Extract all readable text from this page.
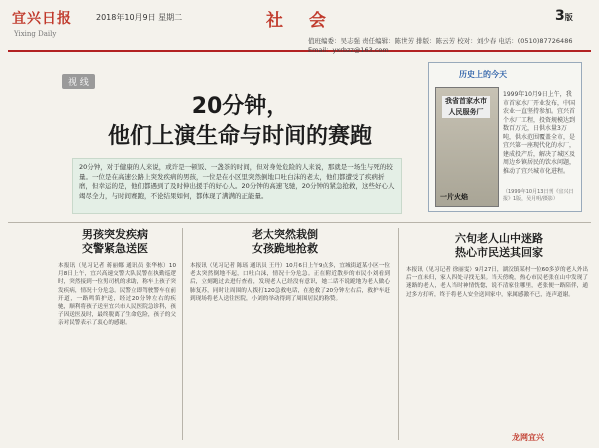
宜兴日报
Yixing Daily
2018年10月9日 星期二	社 会	3版
值班编委：吴志强 责任编辑：陈世芳 排版：陈云芳 校对：刘少春 电话：(0510)87726486 Email：yxrbzz@163.com
视 线
20分钟，
他们上演生命与时间的赛跑
20分钟，对于健康的人来说，或许是一顿饭、一盏茶的时间，但对身处危险的人来说，那就是一场生与死的较量。一位是在高速公路上突发疾病的男孩，一位是在小区里突然倒地口吐白沫的老太，他们都遭受了疾病折磨，但幸运的是，他们都遇到了及时伸出援手的好心人。20分钟的高速飞驰，20分钟的紧急抢救，这些好心人竭尽全力，与时间赛跑，不论结果如何，都体现了满满的正能量。
历史上的今天
我省首家水市人民服务厂
一片火焰
1999年10月9日上午，我市首家水厂开业发布，中国农业一直坚持参加。宜兴首个水厂工程，投资规模达到数百万元，日供水量3万吨，供水范围覆盖全市，是宜兴第一座现代化的水厂，建成投产后，解决了城区及周边乡镇居民的饮水问题，推动了宜兴城市化进程。
（1999年10月13日刊《宜兴日报》1版，吴月明/摄影）
男孩突发疾病
交警紧急送医
本报讯（见习记者 蒋丽娜 通讯员 张华栋）10月8日上午，宜兴高速交警大队民警在执勤巡逻时，突然接到一位男司机的求助，称车上孩子突发疾病，情况十分危急。民警立即驾驶警车在前开道，一路鸣笛护送，经过20分钟左右的疾驰，顺利将孩子送至宜兴市人民医院急诊科，孩子因送医及时，最终脱离了生命危险，孩子的父亲对民警表示了衷心的感谢。
老太突然栽倒
女孩跪地抢救
本报讯（见习记者 陈瑶 通讯员 王丹）10月6日上午9点多，宜城街道某小区一位老太突然倒地不起，口吐白沫，情况十分危急。正在附近散步的市民小刘看到后，立刻跑过去进行查看，发现老人已经没有意识，她二话不说跪地为老人做心肺复苏，同时让周围的人拨打120急救电话，在抢救了20分钟左右后，救护车赶到现场将老人送往医院，小刘的举动得到了周围居民的称赞。
六旬老人山中迷路
热心市民送其回家
本报讯（见习记者 徐丽雯）9月27日，湖㳇镇某村一位60多岁的老人外出后一直未归，家人四处寻找无果。当天傍晚，热心市民老张在山中发现了迷路的老人，老人当时神情恍惚，说不清家住哪里，老张便一路陪伴，通过多方打听，终于将老人安全送回家中，家属感激不已，连声道谢。
龙网宜兴
